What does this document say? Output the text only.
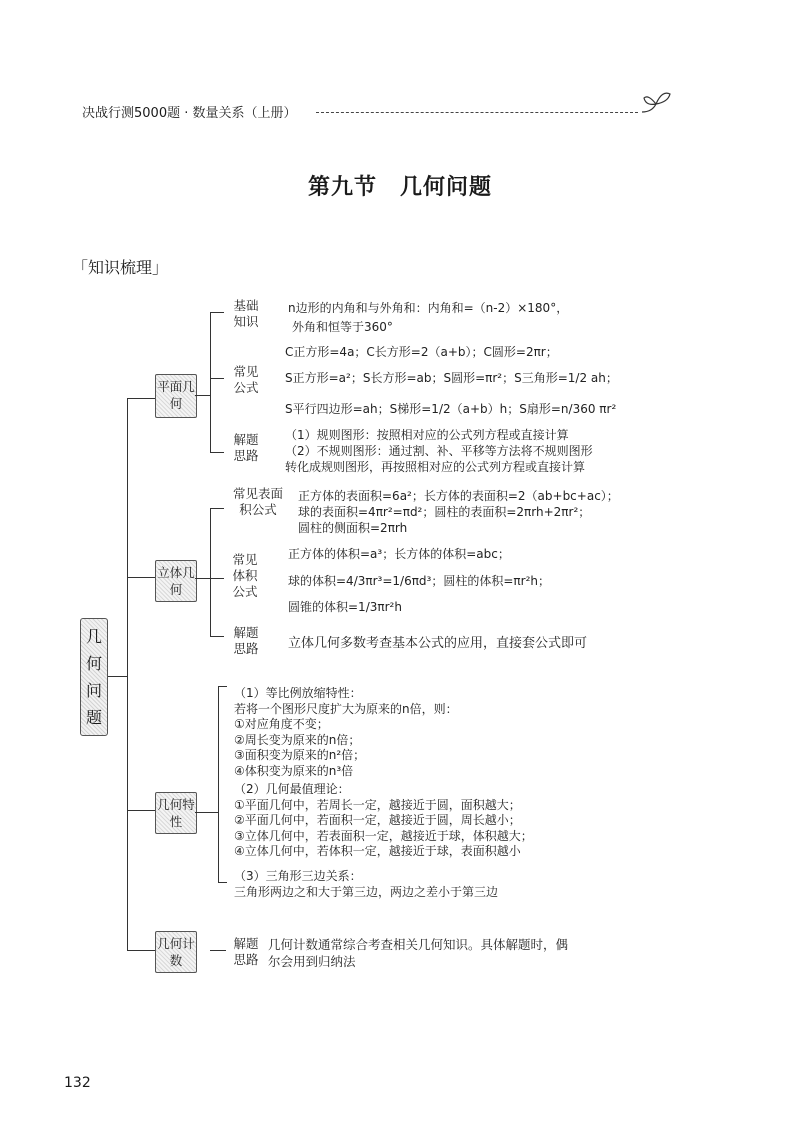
决战行测5000题 · 数量关系（上册）
第九节　几何问题
「知识梳理」
几何问题
平面几何
立体几何
几何特性
几何计数
基础知识
n边形的内角和与外角和：内角和=（n-2）×180°，
外角和恒等于360°
常见公式
C正方形=4a；C长方形=2（a+b）；C圆形=2πr；
S正方形=a²；S长方形=ab；S圆形=πr²；S三角形=1/2 ah；
S平行四边形=ah；S梯形=1/2（a+b）h；S扇形=n/360 πr²
解题思路
（1）规则图形：按照相对应的公式列方程或直接计算
（2）不规则图形：通过割、补、平移等方法将不规则图形
转化成规则图形，再按照相对应的公式列方程或直接计算
常见表面积公式
正方体的表面积=6a²；长方体的表面积=2（ab+bc+ac）；
球的表面积=4πr²=πd²；圆柱的表面积=2πrh+2πr²；
圆柱的侧面积=2πrh
常见体积公式
正方体的体积=a³；长方体的体积=abc；
球的体积=4/3πr³=1/6πd³；圆柱的体积=πr²h；
圆锥的体积=1/3πr²h
解题思路 立体几何多数考查基本公式的应用，直接套公式即可
（1）等比例放缩特性：
若将一个图形尺度扩大为原来的n倍，则：
①对应角度不变；
②周长变为原来的n倍；
③面积变为原来的n²倍；
④体积变为原来的n³倍
（2）几何最值理论：
①平面几何中，若周长一定，越接近于圆，面积越大；
②平面几何中，若面积一定，越接近于圆，周长越小；
③立体几何中，若表面积一定，越接近于球，体积越大；
④立体几何中，若体积一定，越接近于球，表面积越小
（3）三角形三边关系：
三角形两边之和大于第三边，两边之差小于第三边
解题思路
几何计数通常综合考查相关几何知识。具体解题时，偶
尔会用到归纳法
132
